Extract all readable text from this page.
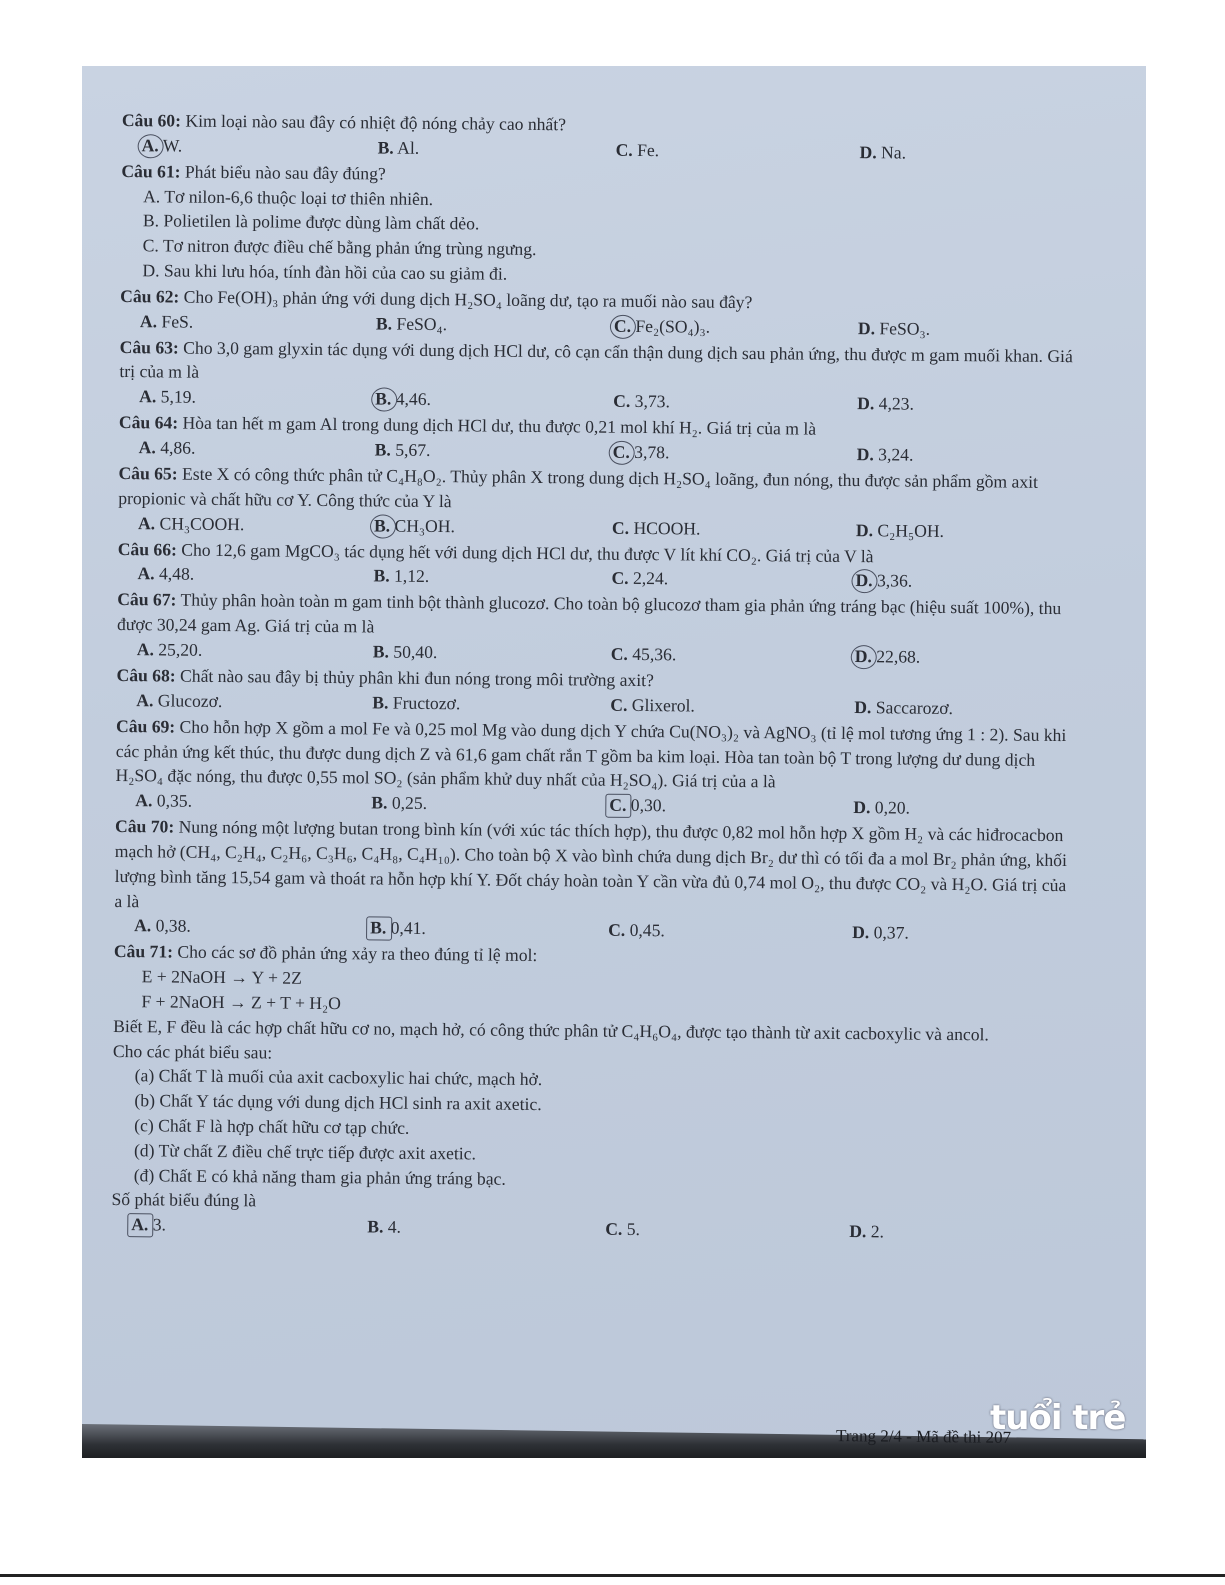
Câu 60: Kim loại nào sau đây có nhiệt độ nóng chảy cao nhất?
A. W.	B. Al.	C. Fe.	D. Na.
Câu 61: Phát biểu nào sau đây đúng?
A. Tơ nilon-6,6 thuộc loại tơ thiên nhiên.
B. Polietilen là polime được dùng làm chất dẻo.
C. Tơ nitron được điều chế bằng phản ứng trùng ngưng.
D. Sau khi lưu hóa, tính đàn hồi của cao su giảm đi.
Câu 62: Cho Fe(OH)₃ phản ứng với dung dịch H₂SO₄ loãng dư, tạo ra muối nào sau đây?
A. FeS.	B. FeSO₄.	C. Fe₂(SO₄)₃.	D. FeSO₃.
Câu 63: Cho 3,0 gam glyxin tác dụng với dung dịch HCl dư, cô cạn cẩn thận dung dịch sau phản ứng, thu được m gam muối khan. Giá trị của m là
A. 5,19.	B. 4,46.	C. 3,73.	D. 4,23.
Câu 64: Hòa tan hết m gam Al trong dung dịch HCl dư, thu được 0,21 mol khí H₂. Giá trị của m là
A. 4,86.	B. 5,67.	C. 3,78.	D. 3,24.
Câu 65: Este X có công thức phân tử C₄H₈O₂. Thủy phân X trong dung dịch H₂SO₄ loãng, đun nóng, thu được sản phẩm gồm axit propionic và chất hữu cơ Y. Công thức của Y là
A. CH₃COOH.	B. CH₃OH.	C. HCOOH.	D. C₂H₅OH.
Câu 66: Cho 12,6 gam MgCO₃ tác dụng hết với dung dịch HCl dư, thu được V lít khí CO₂. Giá trị của V là
A. 4,48.	B. 1,12.	C. 2,24.	D. 3,36.
Câu 67: Thủy phân hoàn toàn m gam tinh bột thành glucozơ. Cho toàn bộ glucozơ tham gia phản ứng tráng bạc (hiệu suất 100%), thu được 30,24 gam Ag. Giá trị của m là
A. 25,20.	B. 50,40.	C. 45,36.	D. 22,68.
Câu 68: Chất nào sau đây bị thủy phân khi đun nóng trong môi trường axit?
A. Glucozơ.	B. Fructozơ.	C. Glixerol.	D. Saccarozơ.
Câu 69: Cho hỗn hợp X gồm a mol Fe và 0,25 mol Mg vào dung dịch Y chứa Cu(NO₃)₂ và AgNO₃ (tỉ lệ mol tương ứng 1 : 2). Sau khi các phản ứng kết thúc, thu được dung dịch Z và 61,6 gam chất rắn T gồm ba kim loại. Hòa tan toàn bộ T trong lượng dư dung dịch H₂SO₄ đặc nóng, thu được 0,55 mol SO₂ (sản phẩm khử duy nhất của H₂SO₄). Giá trị của a là
A. 0,35.	B. 0,25.	C. 0,30.	D. 0,20.
Câu 70: Nung nóng một lượng butan trong bình kín (với xúc tác thích hợp), thu được 0,82 mol hỗn hợp X gồm H₂ và các hiđrocacbon mạch hở (CH₄, C₂H₄, C₂H₆, C₃H₆, C₄H₈, C₄H₁₀). Cho toàn bộ X vào bình chứa dung dịch Br₂ dư thì có tối đa a mol Br₂ phản ứng, khối lượng bình tăng 15,54 gam và thoát ra hỗn hợp khí Y. Đốt cháy hoàn toàn Y cần vừa đủ 0,74 mol O₂, thu được CO₂ và H₂O. Giá trị của a là
A. 0,38.	B. 0,41.	C. 0,45.	D. 0,37.
Câu 71: Cho các sơ đồ phản ứng xảy ra theo đúng tỉ lệ mol:
E + 2NaOH → Y + 2Z
F + 2NaOH → Z + T + H₂O
Biết E, F đều là các hợp chất hữu cơ no, mạch hở, có công thức phân tử C₄H₆O₄, được tạo thành từ axit cacboxylic và ancol.
Cho các phát biểu sau:
(a) Chất T là muối của axit cacboxylic hai chức, mạch hở.
(b) Chất Y tác dụng với dung dịch HCl sinh ra axit axetic.
(c) Chất F là hợp chất hữu cơ tạp chức.
(d) Từ chất Z điều chế trực tiếp được axit axetic.
(đ) Chất E có khả năng tham gia phản ứng tráng bạc.
Số phát biểu đúng là
A. 3.	B. 4.	C. 5.	D. 2.
Trang 2/4 - Mã đề thi 207
tuổi trẻ
